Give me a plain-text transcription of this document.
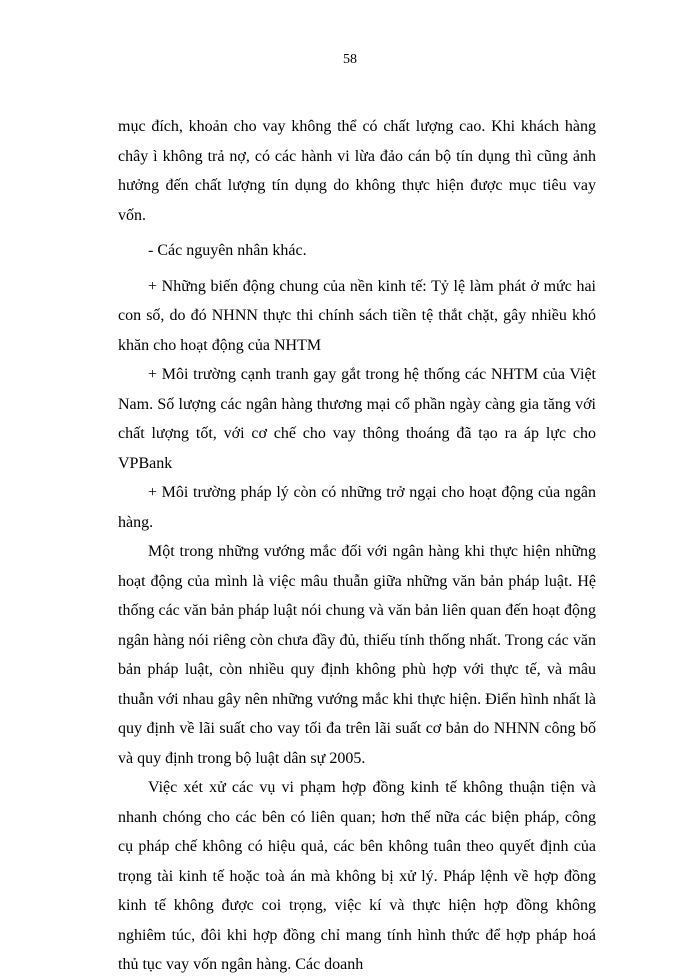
58

mục đích, khoản cho vay không thể có chất lượng cao. Khi khách hàng chây ì không trả nợ, có các hành vi lừa đảo cán bộ tín dụng thì cũng ảnh hưởng đến chất lượng tín dụng do không thực hiện được mục tiêu vay vốn.

- Các nguyên nhân khác.

+ Những biến động chung của nền kinh tế: Tỷ lệ làm phát ở mức hai con số, do đó NHNN thực thi chính sách tiền tệ thắt chặt, gây nhiều khó khăn cho hoạt động của NHTM

+ Môi trường cạnh tranh gay gắt trong hệ thống các NHTM của Việt Nam. Số lượng các ngân hàng thương mại cổ phần ngày càng gia tăng với chất lượng tốt, với cơ chế cho vay thông thoáng đã tạo ra áp lực cho VPBank

+ Môi trường pháp lý còn có những trở ngại cho hoạt động của ngân hàng.

Một trong những vướng mắc đối với ngân hàng khi thực hiện những hoạt động của mình là việc mâu thuẫn giữa những văn bản pháp luật. Hệ thống các văn bản pháp luật nói chung và văn bản liên quan đến hoạt động ngân hàng nói riêng còn chưa đầy đủ, thiếu tính thống nhất. Trong các văn bản pháp luật, còn nhiều quy định không phù hợp với thực tế, và mâu thuẫn với nhau gây nên những vướng mắc khi thực hiện. Điển hình nhất là quy định về lãi suất cho vay tối đa trên lãi suất cơ bản do NHNN công bố và quy định trong bộ luật dân sự 2005.

Việc xét xử các vụ vi phạm hợp đồng kinh tế không thuận tiện và nhanh chóng cho các bên có liên quan; hơn thế nữa các biện pháp, công cụ pháp chế không có hiệu quả, các bên không tuân theo quyết định của trọng tài kinh tế hoặc toà án mà không bị xử lý. Pháp lệnh về hợp đồng kinh tế không được coi trọng, việc kí và thực hiện hợp đồng không nghiêm túc, đôi khi hợp đồng chỉ mang tính hình thức để hợp pháp hoá thủ tục vay vốn ngân hàng. Các doanh
